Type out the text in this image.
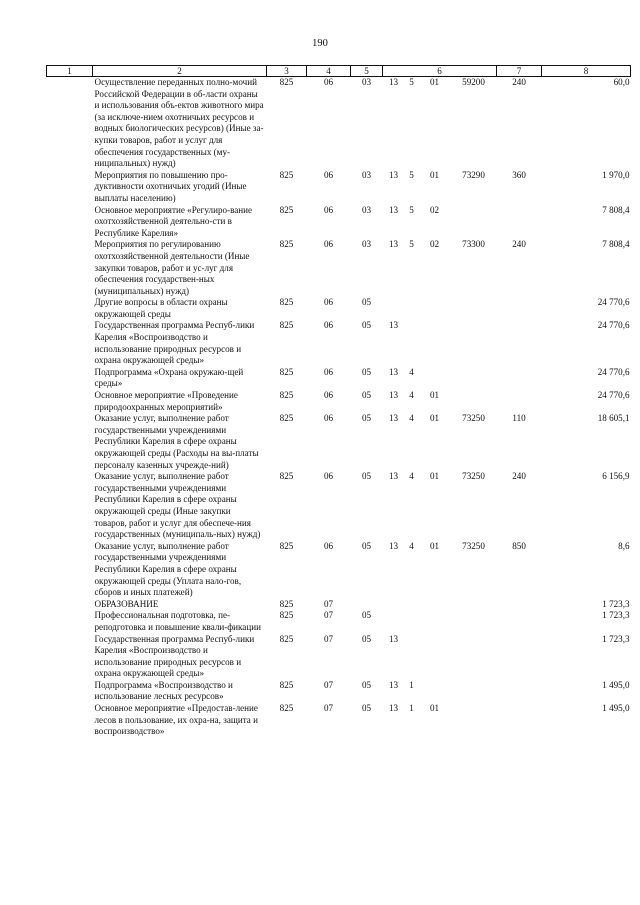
190
1	2	3	4	5	6				7	8
	Осуществление переданных полно-мочий Российской Федерации в об-ласти охраны и использования объ-ектов животного мира (за исключе-нием охотничьих ресурсов и водных биологических ресурсов) (Иные за-купки товаров, работ и услуг для обеспечения государственных (му-ниципальных) нужд)	825	06	03	13	5	01	59200	240	60,0
	Мероприятия по повышению про-дуктивности охотничьих угодий (Иные выплаты населению)	825	06	03	13	5	01	73290	360	1 970,0
	Основное мероприятие «Регулиро-вание охотхозяйственной деятельно-сти в Республике Карелия»	825	06	03	13	5	02			7 808,4
	Мероприятия по регулированию охотхозяйственной деятельности (Иные закупки товаров, работ и ус-луг для обеспечения государствен-ных (муниципальных) нужд)	825	06	03	13	5	02	73300	240	7 808,4
	Другие вопросы в области охраны окружающей среды	825	06	05						24 770,6
	Государственная программа Респуб-лики Карелия «Воспроизводство и использование природных ресурсов и охрана окружающей среды»	825	06	05	13					24 770,6
	Подпрограмма «Охрана окружаю-щей среды»	825	06	05	13	4				24 770,6
	Основное мероприятие «Проведение природоохранных мероприятий»	825	06	05	13	4	01			24 770,6
	Оказание услуг, выполнение работ государственными учреждениями Республики Карелия в сфере охраны окружающей среды (Расходы на вы-платы персоналу казенных учрежде-ний)	825	06	05	13	4	01	73250	110	18 605,1
	Оказание услуг, выполнение работ государственными учреждениями Республики Карелия в сфере охраны окружающей среды (Иные закупки товаров, работ и услуг для обеспече-ния государственных (муниципаль-ных) нужд)	825	06	05	13	4	01	73250	240	6 156,9
	Оказание услуг, выполнение работ государственными учреждениями Республики Карелия в сфере охраны окружающей среды (Уплата нало-гов, сборов и иных платежей)	825	06	05	13	4	01	73250	850	8,6
	ОБРАЗОВАНИЕ	825	07							1 723,3
	Профессиональная подготовка, пе-реподготовка и повышение квали-фикации	825	07	05						1 723,3
	Государственная программа Респуб-лики Карелия «Воспроизводство и использование природных ресурсов и охрана окружающей среды»	825	07	05	13					1 723,3
	Подпрограмма «Воспроизводство и использование лесных ресурсов»	825	07	05	13	1				1 495,0
	Основное мероприятие «Предостав-ление лесов в пользование, их охра-на, защита и воспроизводство»	825	07	05	13	1	01			1 495,0
